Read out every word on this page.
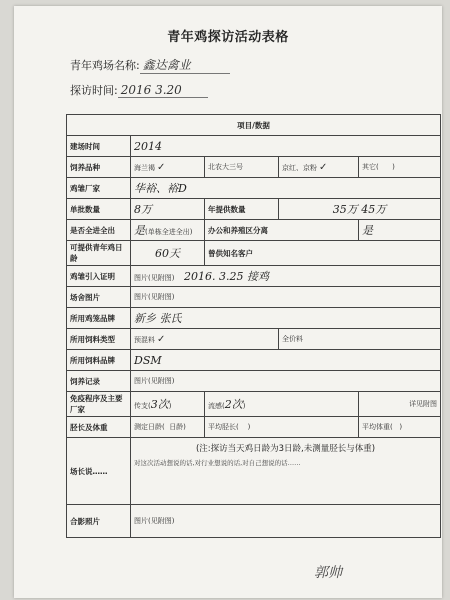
青年鸡探访活动表格
青年鸡场名称: 鑫达禽业
探访时间: 2016 3.20
项目/数据				
建场时间	2014			
饲养品种	海兰褐 ✓	北农大三号	京红、京粉 ✓	其它( )
鸡雏厂家	华裕、裕D			
单批数量	8万	年提供数量	35万 45万	
是否全进全出	是(单栋全进全出)	办公和养殖区分离		是
可提供青年鸡日龄	60天	曾供知名客户		
鸡雏引入证明	图片(见附图) 2016. 3.25 接鸡			
场舍图片	图片(见附图)			
所用鸡笼品牌	新乡 张氏			
所用饲料类型	预混料 ✓		全价料	
所用饲料品牌	DSM			
饲养记录	图片(见附图)			
免疫程序及主要厂家	传支(3次)	流感(2次)		详见附图
胫长及体重	测定日龄( 日龄)	平均胫长( )		平均体重( )
场长说……	(注:探访当天鸡日龄为3日龄,未测量胫长与体重)
对这次活动想说的话,对行业想说的话,对自己想说的话……			

合影照片	图片(见附图)			
郭帅
